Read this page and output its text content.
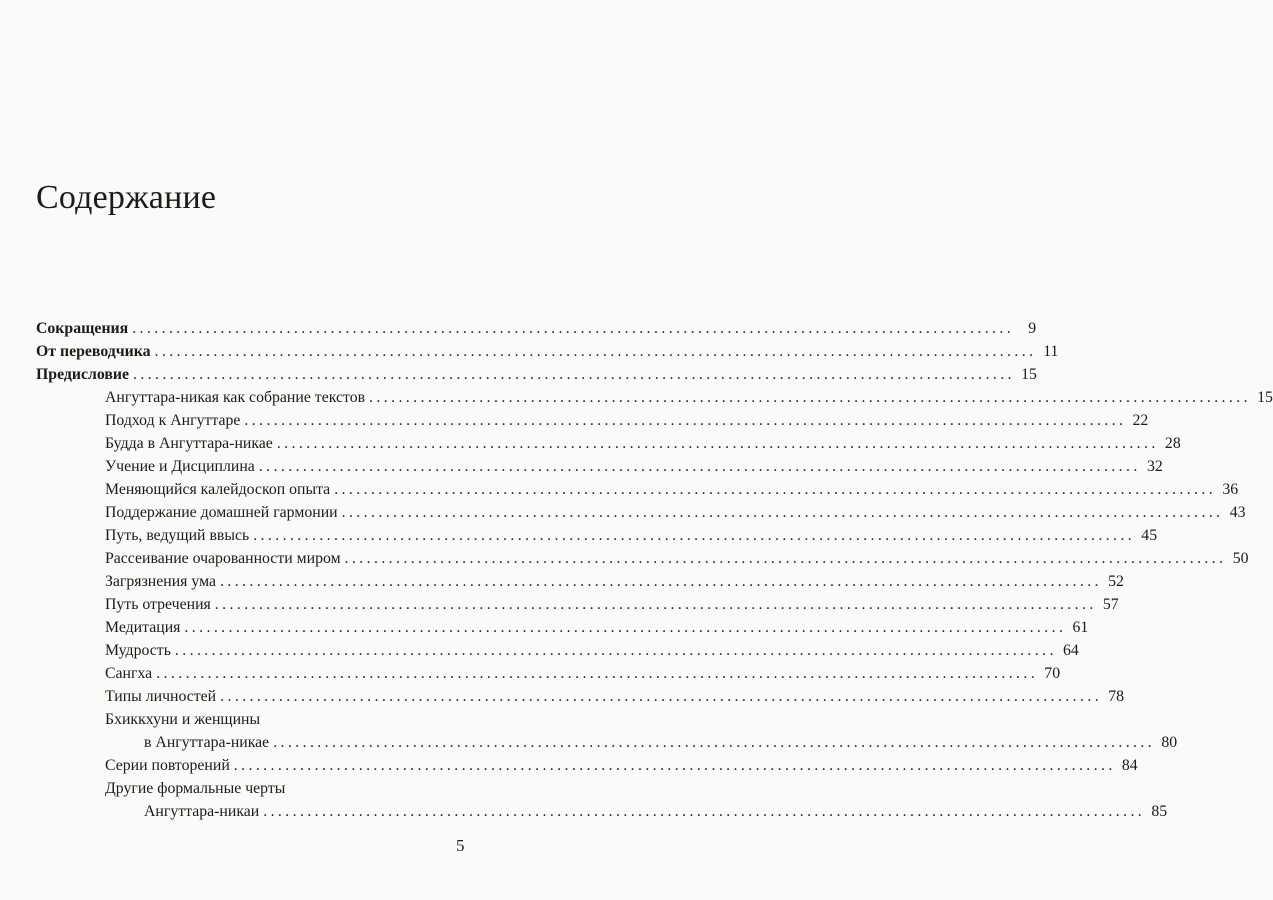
Содержание
Сокращения ........................................................................................................................ 9
От переводчика ........................................................................................................................ 11
Предисловие ........................................................................................................................ 15
Ангуттара-никая как собрание текстов ........................................................................................................................ 15
Подход к Ангуттаре ........................................................................................................................ 22
Будда в Ангуттара-никае ........................................................................................................................ 28
Учение и Дисциплина ........................................................................................................................ 32
Меняющийся калейдоскоп опыта ........................................................................................................................ 36
Поддержание домашней гармонии ........................................................................................................................ 43
Путь, ведущий ввысь ........................................................................................................................ 45
Рассеивание очарованности миром ........................................................................................................................ 50
Загрязнения ума ........................................................................................................................ 52
Путь отречения ........................................................................................................................ 57
Медитация ........................................................................................................................ 61
Мудрость ........................................................................................................................ 64
Сангха ........................................................................................................................ 70
Типы личностей ........................................................................................................................ 78
Бхиккхуни и женщины
в Ангуттара-никае ........................................................................................................................ 80
Серии повторений ........................................................................................................................ 84
Другие формальные черты
Ангуттара-никаи ........................................................................................................................ 85
5
